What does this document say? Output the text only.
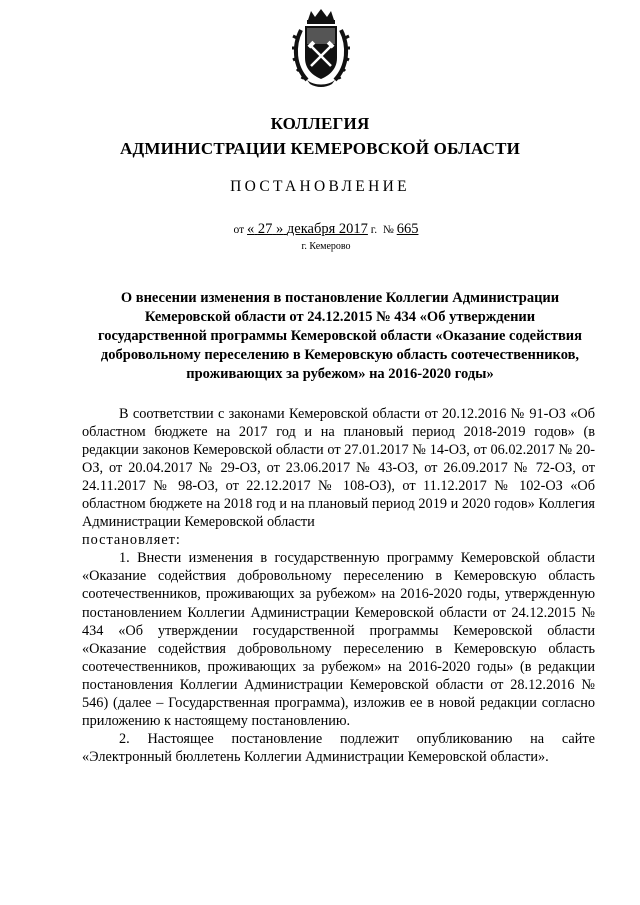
КОЛЛЕГИЯ
АДМИНИСТРАЦИИ КЕМЕРОВСКОЙ ОБЛАСТИ
ПОСТАНОВЛЕНИЕ
от « 27 » декабря 2017 г. № 665
г. Кемерово
О внесении изменения в постановление Коллегии Администрации
Кемеровской области от 24.12.2015 № 434 «Об утверждении
государственной программы Кемеровской области «Оказание содействия
добровольному переселению в Кемеровскую область соотечественников,
проживающих за рубежом» на 2016-2020 годы»

В соответствии с законами Кемеровской области от 20.12.2016 № 91-ОЗ «Об областном бюджете на 2017 год и на плановый период 2018-2019 годов» (в редакции законов Кемеровской области от 27.01.2017 № 14-ОЗ, от 06.02.2017 № 20-ОЗ, от 20.04.2017 № 29-ОЗ, от 23.06.2017 № 43-ОЗ, от 26.09.2017 № 72-ОЗ, от 24.11.2017 № 98-ОЗ, от 22.12.2017 № 108-ОЗ), от 11.12.2017 № 102-ОЗ «Об областном бюджете на 2018 год и на плановый период 2019 и 2020 годов» Коллегия Администрации Кемеровской области

постановляет:

1. Внести изменения в государственную программу Кемеровской области «Оказание содействия добровольному переселению в Кемеровскую область соотечественников, проживающих за рубежом» на 2016-2020 годы, утвержденную постановлением Коллегии Администрации Кемеровской области от 24.12.2015 № 434 «Об утверждении государственной программы Кемеровской области «Оказание содействия добровольному переселению в Кемеровскую область соотечественников, проживающих за рубежом» на 2016-2020 годы» (в редакции постановления Коллегии Администрации Кемеровской области от 28.12.2016 № 546) (далее – Государственная программа), изложив ее в новой редакции согласно приложению к настоящему постановлению.

2. Настоящее постановление подлежит опубликованию на сайте «Электронный бюллетень Коллегии Администрации Кемеровской области».
